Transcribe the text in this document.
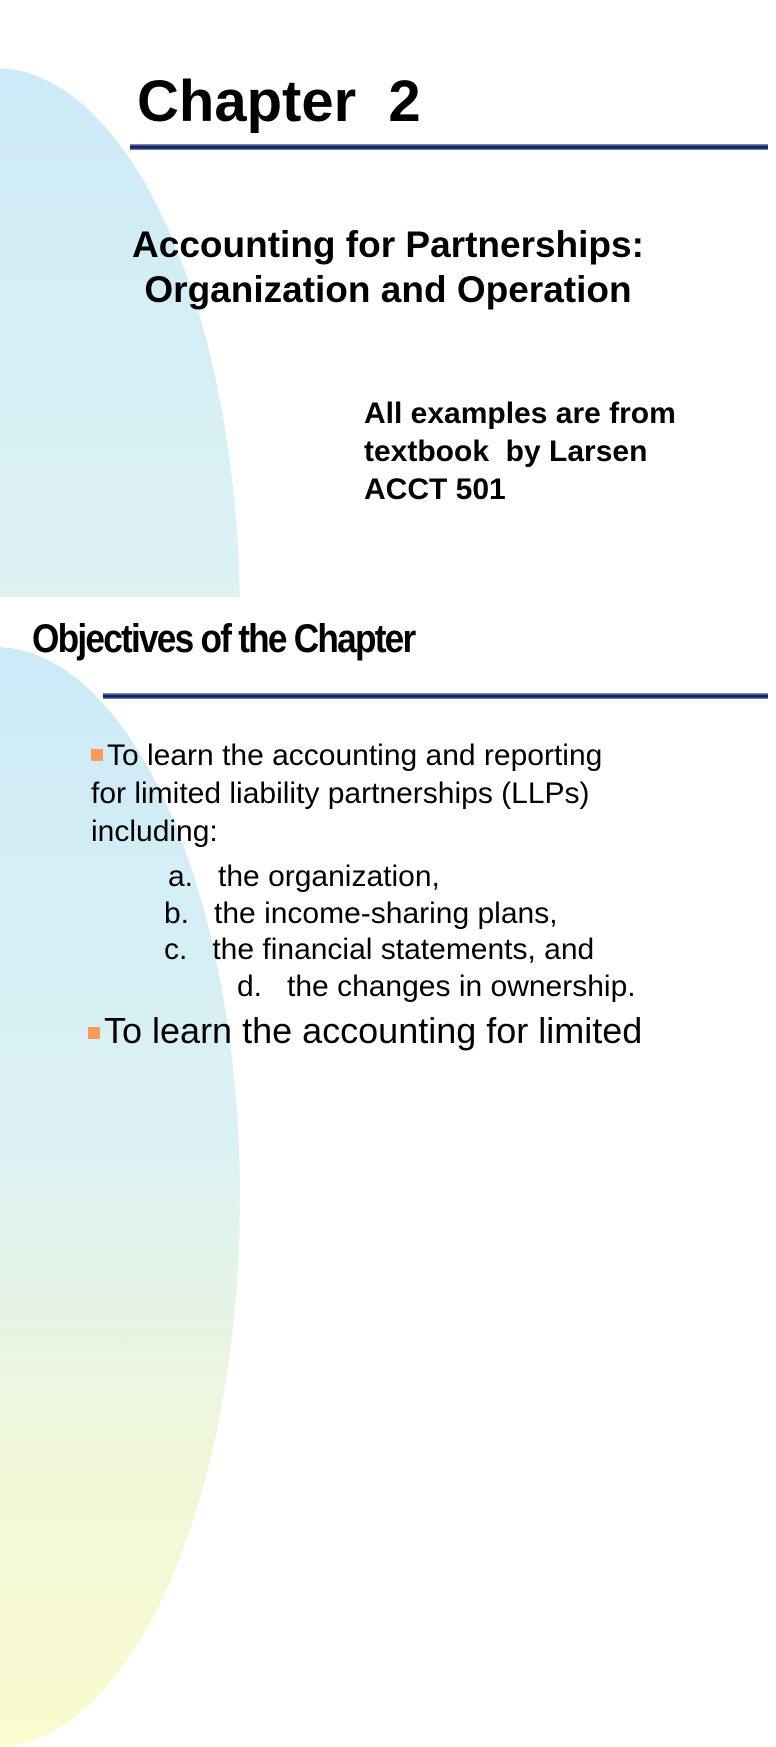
Chapter  2
Accounting for Partnerships:
Organization and Operation
All examples are from
textbook  by Larsen
ACCT 501
Objectives of the Chapter
To learn the accounting and reporting
for limited liability partnerships (LLPs)
including:
a.   the organization,
b.   the income-sharing plans,
c.   the financial statements, and
d.   the changes in ownership.
To learn the accounting for limited
